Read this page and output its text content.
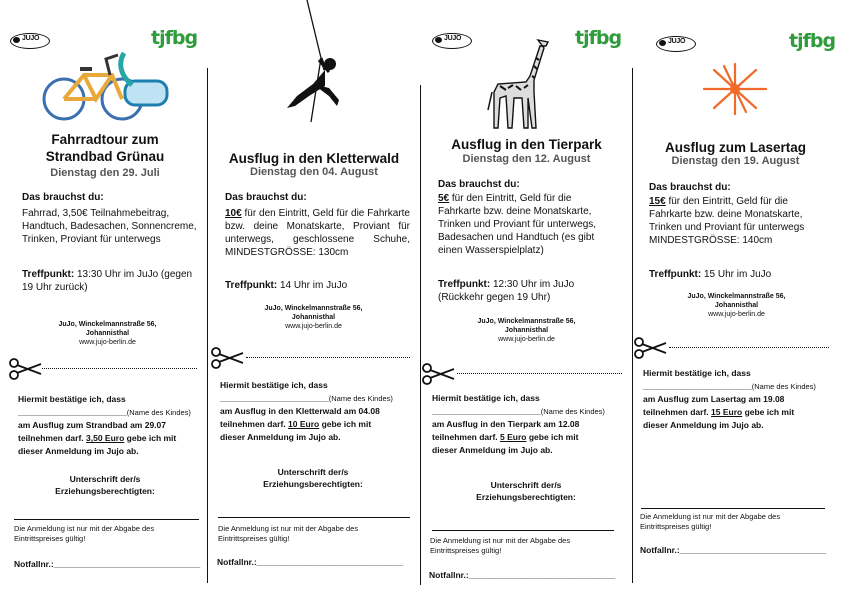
JUJO	tjfbg
Fahrradtour zum Strandbad Grünau
Dienstag den 29. Juli
Das brauchst du:
Fahrrad, 3,50€ Teilnahmebeitrag, Handtuch, Badesachen, Sonnencreme, Trinken, Proviant für unterwegs
Treffpunkt: 13:30 Uhr im JuJo (gegen 19 Uhr zurück)
JuJo, Winckelmannstraße 56, Johannisthal
www.jujo-berlin.de
Hiermit bestätige ich, dass
_______________________(Name des Kindes)
am Ausflug zum Strandbad am 29.07
teilnehmen darf. 3,50 Euro gebe ich mit
dieser Anmeldung im Jujo ab.
Unterschrift der/s Erziehungsberechtigten:
Die Anmeldung ist nur mit der Abgabe des Eintrittspreises gültig!
Notfallnr.:_______________________________
Ausflug in den Kletterwald
Dienstag den 04. August
Das brauchst du:
10€ für den Eintritt, Geld für die Fahrkarte bzw. deine Monatskarte, Proviant für unterwegs, geschlossene Schuhe, MINDESTGRÖSSE: 130cm
Treffpunkt: 14 Uhr im JuJo
JuJo, Winckelmannstraße 56, Johannisthal
www.jujo-berlin.de
Hiermit bestätige ich, dass
_______________________(Name des Kindes)
am Ausflug in den Kletterwald am 04.08
teilnehmen darf. 10 Euro gebe ich mit
dieser Anmeldung im Jujo ab.
Unterschrift der/s Erziehungsberechtigten:
Die Anmeldung ist nur mit der Abgabe des Eintrittspreises gültig!
Notfallnr.:_______________________________
JUJO	tjfbg
Ausflug in den Tierpark
Dienstag den 12. August
Das brauchst du:
5€ für den Eintritt, Geld für die Fahrkarte bzw. deine Monatskarte, Trinken und Proviant für unterwegs, Badesachen und Handtuch (es gibt einen Wasserspielplatz)
Treffpunkt: 12:30 Uhr im JuJo (Rückkehr gegen 19 Uhr)
JuJo, Winckelmannstraße 56, Johannisthal
www.jujo-berlin.de
Hiermit bestätige ich, dass
_______________________(Name des Kindes)
am Ausflug in den Tierpark am 12.08
teilnehmen darf. 5 Euro gebe ich mit
dieser Anmeldung im Jujo ab.
Unterschrift der/s Erziehungsberechtigten:
Die Anmeldung ist nur mit der Abgabe des Eintrittspreises gültig!
Notfallnr.:_______________________________
JUJO	tjfbg
Ausflug zum Lasertag
Dienstag den 19. August
Das brauchst du:
15€ für den Eintritt, Geld für die Fahrkarte bzw. deine Monatskarte, Trinken und Proviant für unterwegs MINDESTGRÖSSE: 140cm
Treffpunkt: 15 Uhr im JuJo
JuJo, Winckelmannstraße 56, Johannisthal
www.jujo-berlin.de
Hiermit bestätige ich, dass
_______________________(Name des Kindes)
am Ausflug zum Lasertag am 19.08
teilnehmen darf. 15 Euro gebe ich mit
dieser Anmeldung im Jujo ab.
Die Anmeldung ist nur mit der Abgabe des Eintrittspreises gültig!
Notfallnr.:_______________________________
